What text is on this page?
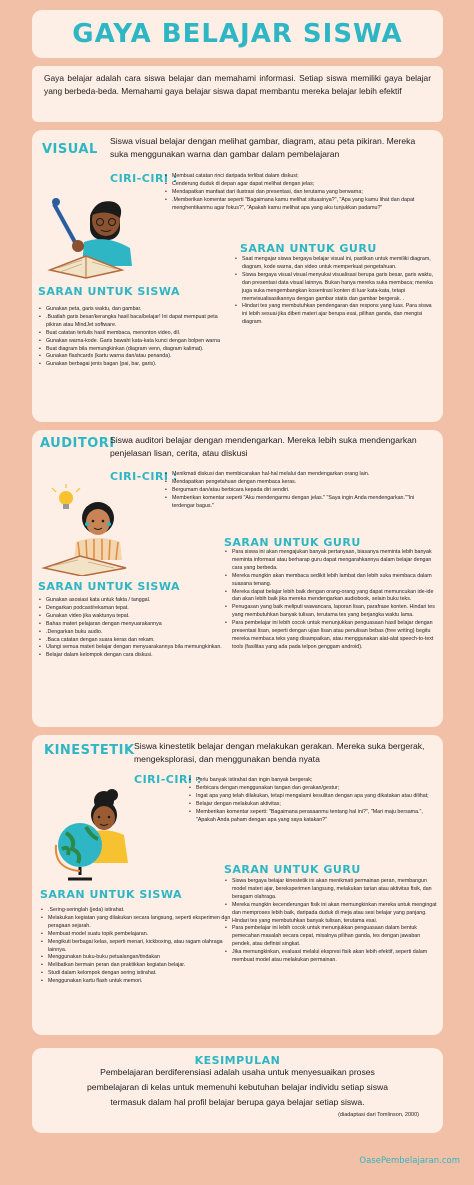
GAYA BELAJAR SISWA
Gaya belajar adalah cara siswa belajar dan memahami informasi. Setiap siswa memiliki gaya belajar yang berbeda-beda. Memahami gaya belajar siswa dapat membantu mereka belajar lebih efektif
VISUAL
Siswa visual belajar dengan melihat gambar, diagram, atau peta pikiran. Mereka suka menggunakan warna dan gambar dalam pembelajaran
CIRI-CIRI :
• Membuat catatan rinci daripada terlibat dalam diskusi;
• Cenderung duduk di depan agar dapat melihat dengan jelas;
• Mendapatkan manfaat dari ilustrasi dan presentasi, dan terutama yang berwarna;
• .Memberikan komentar seperti "Bagaimana kamu melihat situasinya?", "Apa yang kamu lihat dan dapat menghentikanmu agar fokus?", "Apakah kamu melihat apa yang aku tunjukkan padamu?"
SARAN UNTUK GURU
• Saat mengajar siswa bergaya belajar visual ini, pastikan untuk memiliki diagram, diagram, kode warna, dan video untuk memperkuat pengetahuan.
• Siswa bergaya visual visual menyukai visualisasi berupa garis besar, garis waktu, dan presentasi data visual lainnya. Bukan hanya mereka suka membaca; mereka juga suka mengembangkan kosentrasi konten di luar kata-kata, tetapi memvisualisasikannya dengan gambar statis dan gambar bergerak. .
• Hindari tes yang membutuhkan pendengaran dan respons yang luas. Para siswa ini lebih sesuai jika diberi materi ajar berupa esai, pilihan ganda, dan mengisi diagram.
SARAN UNTUK SISWA
• Gunakan peta, garis waktu, dan gambar.
• .Buatlah garis besar/kerangka hasil baca/belajar! Ini dapat mempuat peta pikiran atau MindJet software.
• Buat catatan tertulis hasil membaca, menonton video, dll.
• Gunakan warna-kode. Garis bawahi kata-kata kunci dengan bolpen warna
• Buat diagram bila memungkinkan (diagram venn, diagram kalimat).
• Gunakan flashcards (kartu warna dan/atau penanda).
• Gunakan berbagai jenis bagan (pai, bar, garis).
AUDITORI
Siswa auditori belajar dengan mendengarkan. Mereka lebih suka mendengarkan penjelasan lisan, cerita, atau diskusi
CIRI-CIRI :
• Menikmati diskusi dan membicarakan hal-hal melalui dan mendengarkan orang lain.
• Mendapatkan pengetahuan dengan membaca keras.
• Bergumam dan/atau berbicara kepada diri sendiri.
• Memberikan komentar seperti "Aku mendengarmu dengan jelas." "Saya ingin Anda mendengarkan.""Ini terdengar bagus."
SARAN UNTUK GURU
• Para siswa ini akan mengajukan banyak pertanyaan, biasanya meminta lebih banyak meminta informasi atau berharap guru dapat mengarahkannya dalam belajar dengan cara yang berbeda.
• Mereka mungkin akan membaca sedikit lebih lambat dan lebih suka membaca dalam suasana tenang.
• Mereka dapat belajar lebih baik dengan orang-orang yang dapat memuncukan ide-ide dan akan lebih baik jika mereka mendengarkan audiobook, selain buku teks.
• Penugasan yang baik meliputi wawancara, laporan lisan, parafrase konten. Hindari tes yang membutuhkan banyak tulisan, terutama tes yang berjangka waktu lama.
• Para pembelajar ini lebih cocok untuk menunjukkan penguasaan hasil belajar dengan presentasi lisan, seperti dengan ujian lisan atau penulisan bebas (free writing) begitu mereka membaca teks yang disampaikan, atau menggunakan alat-alat speech-to-text tools (fasilitas yang ada pada telpon genggam android).
SARAN UNTUK SISWA
• Gunakan asosiasi kata untuk fakta / tanggal.
• Dengarkan podcast/rekaman tepat.
• Gunakan video jika waktunya tepat.
• Bahas materi pelajaran dengan menyuarakannya
• .Dengarkan buku audio.
• .Baca catatan dengan suara keras dan rekam.
• Ulangi semua materi belajar dengan menyuarakannya bila memungkinkan.
• Belajar dalam kelompok dengan cara diskusi.
KINESTETIK Siswa kinestetik belajar dengan melakukan gerakan. Mereka suka bergerak, mengeksplorasi, dan menggunakan benda nyata
CIRI-CIRI :
• Perlu banyak istirahat dan ingin banyak bergerak;
• Berbicara dengan menggunakan tangan dan gerakan/gestur;
• Ingat apa yang telah dilakukan, tetapi mengalami kesulitan dengan apa yang dikatakan atau dilihat;
• Belajar dengan melakukan aktivitas;
• Memberikan komentar seperti: "Bagaimana perasaanmu tentang hal ini?", "Mari maju bersama.", "Apakah Anda paham dengan apa yang saya katakan?"
SARAN UNTUK GURU
• Siswa bergaya belajar kinestetik ini akan menikmati permainan peran, membangun model materi ajar, bereksperimen langsung, melakukan tarian atau aktivitas fisik, dan beragam olahraga.
• Mereka mungkin kecenderungan fisik ini akan memungkinkan mereka untuk mengingat dan memproses lebih baik, daripada duduk di meja atau sesi belajar yang panjang.
• Hindari tes yang membutuhkan banyak tulisan, terutama esai.
• Para pembelajar ini lebih cocok untuk menunjukkan penguasaan dalam bentuk pemecahan masalah secara cepat, misalnya pilihan ganda, tes dengan jawaban pendek, atau definisi singkat.
• Jika memungkinkan, evaluasi melalui ekspresi fisik akan lebih efektif, seperti dalam membuat model atau melakukan permainan.
SARAN UNTUK SISWA
• .Sering-seringlah (jeda) istirahat.
• Melakukan kegiatan yang dilakukan secara langsung, seperti eksperimen dan peragaan sejarah.
• Membuat model suatu topik pembelajaran.
• Mengikuti berbagai kelas, seperti menari, kickboxing, atau ragam olahraga lainnya.
• Menggunakan buku-buku petualangan/tindakan
• Melibatkan bermain peran dan praktikkan kegiatan belajar.
• Studi dalam kelompok dengan sering istirahat.
• Menggunakan kartu flash untuk memori.
KESIMPULAN
Pembelajaran berdiferensiasi adalah usaha untuk menyesuaikan proses
pembelajaran di kelas untuk memenuhi kebutuhan belajar individu setiap siswa
termasuk dalam hal profil belajar berupa gaya belajar setiap siswa.
(diadaptasi dari Tomlinson, 2000)
OasePembelajaran.com
